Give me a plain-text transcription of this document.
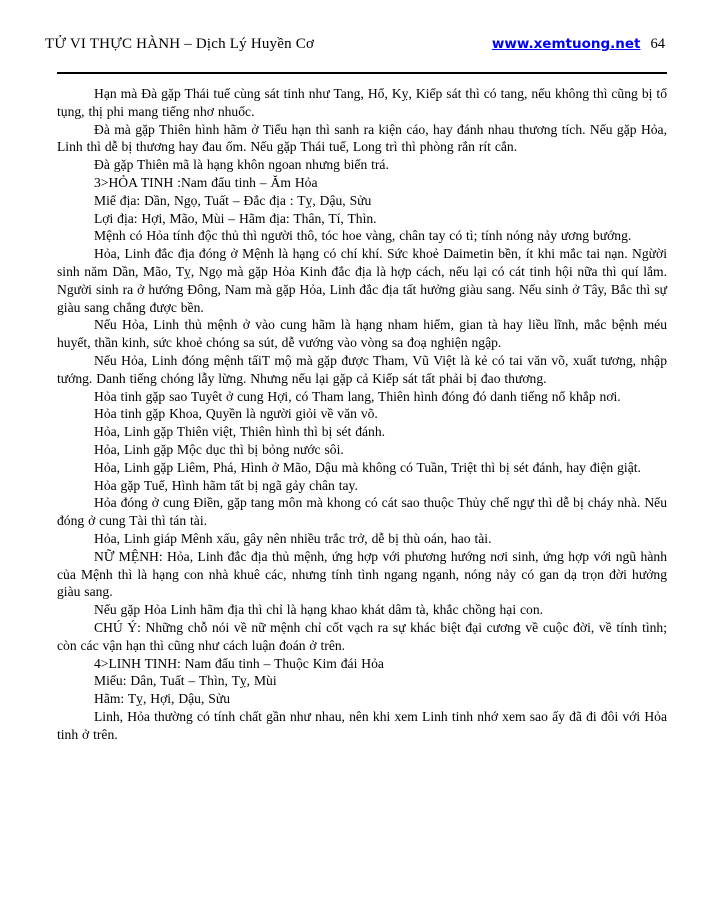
TỬ VI THỰC HÀNH – Dịch Lý Huyền Cơ	www.xemtuong.net 64

Hạn mà Đà gặp Thái tuế cùng sát tinh như Tang, Hổ, Kỵ, Kiếp sát thì có tang, nếu không thì cũng bị tố tụng, thị phi mang tiếng nhơ nhuốc.

Đà mà gặp Thiên hình hãm ở Tiểu hạn thì sanh ra kiện cáo, hay đánh nhau thương tích. Nếu gặp Hỏa, Linh thì dễ bị thương hay đau ốm. Nếu gặp Thái tuế, Long trì thì phòng rắn rít cắn.

Đà gặp Thiên mã là hạng khôn ngoan nhưng biến trá.

3>HỎA TINH :Nam đẩu tinh – Ăm Hỏa

Miế địa: Dần, Ngọ, Tuất – Đắc địa : Tỵ, Dậu, Sửu

Lợi địa: Hợi, Mão, Mùi – Hãm địa: Thân, Tí, Thìn.

Mệnh có Hỏa tính độc thủ thì người thô, tóc hoe vàng, chân tay có tì; tính nóng nảy ương bướng.

Hỏa, Linh đắc địa đóng ở Mệnh là hạng có chí khí. Sức khoẻ Daimetin bền, ít khi mắc tai nạn. Ngừời sinh năm Dần, Mão, Tỵ, Ngọ mà gặp Hỏa Kinh đắc địa là hợp cách, nếu lại có cát tinh hội nữa thì quí lắm. Người sinh ra ở hướng Đông, Nam mà gặp Hỏa, Linh đắc địa tất hưởng giàu sang. Nếu sinh ở Tây, Bắc thì sự giàu sang chẳng được bền.

Nếu Hỏa, Linh thủ mệnh ở vào cung hãm là hạng nham hiểm, gian tà hay liều lĩnh, mắc bệnh méu huyết, thần kinh, sức khoẻ chóng sa sút, dễ vướng vào vòng sa đoạ nghiện ngập.

Nếu Hỏa, Linh đóng mệnh tấiT mộ mà gặp được Tham, Vũ Việt là kẻ có tai văn võ, xuất tương, nhập tướng. Danh tiếng chóng lẫy lừng. Nhưng nếu lại gặp cả Kiếp sát tất phải bị đao thương.

Hỏa tinh gặp sao Tuyêt ở cung Hợi, có Tham lang, Thiên hình đóng đó danh tiếng nổ khắp nơi.

Hỏa tinh gặp Khoa, Quyền là người giỏi về văn võ.

Hỏa, Linh gặp Thiên việt, Thiên hình thì bị sét đánh.

Hỏa, Linh gặp Mộc dục thì bị bỏng nước sôi.

Hỏa, Linh gặp Liêm, Phá, Hình ở Mão, Dậu mà không có Tuần, Triệt thì bị sét đánh, hay điện giật.

Hỏa gặp Tuế, Hình hãm tất bị ngã gảy chân tay.

Hỏa đóng ở cung Điền, gặp tang môn mà khong có cát sao thuộc Thủy chế ngự thì dễ bị cháy nhà. Nếu đóng ở cung Tài thì tán tài.

Hỏa, Linh giáp Mênh xấu, gây nên nhiều trắc trở, dễ bị thù oán, hao tài.

NỮ MỆNH: Hỏa, Linh đắc địa thủ mệnh, ứng hợp với phương hướng nơi sinh, ứng hợp với ngũ hành của Mệnh thì là hạng con nhà khuê các, nhưng tính tình ngang ngạnh, nóng nảy có gan dạ trọn đời hưởng giàu sang.

Nếu gặp Hỏa Linh hãm địa thì chỉ là hạng khao khát dâm tà, khắc chồng hại con.

CHÚ Ý: Những chỗ nói về nữ mệnh chỉ cốt vạch ra sự khác biệt đại cương về cuộc đời, về tính tình; còn các vận hạn thì cũng như cách luận đoán ở trên.

4>LINH TINH: Nam đẩu tinh – Thuộc Kim đái Hỏa

Miếu: Dân, Tuất – Thìn, Tỵ, Mùi

Hãm: Tỵ, Hợi, Dậu, Sửu

Linh, Hỏa thường có tính chất gần như nhau, nên khi xem Linh tinh nhớ xem sao ấy đã đi đôi với Hỏa tinh ở trên.
